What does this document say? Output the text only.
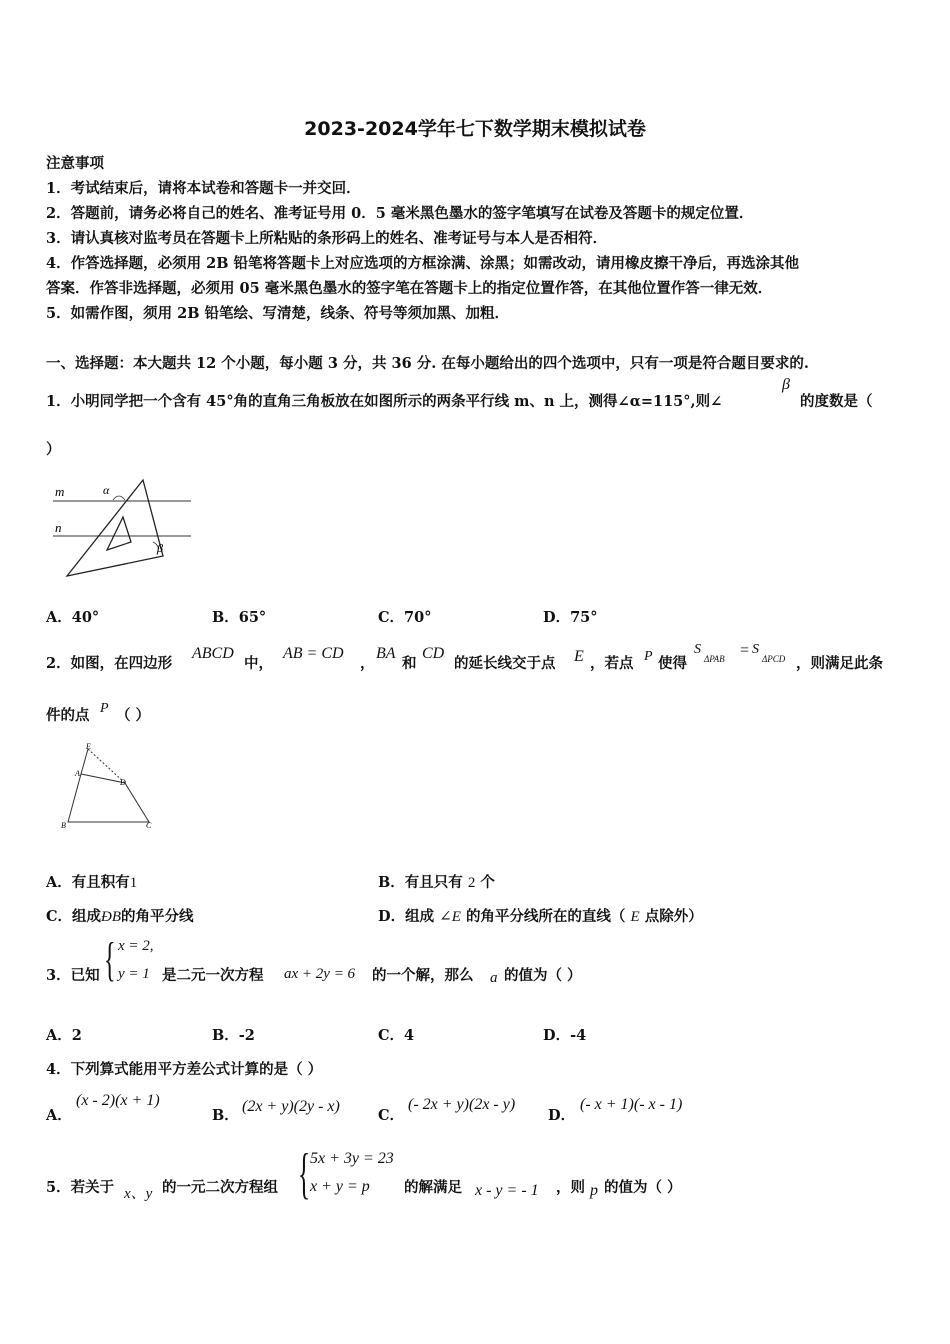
2023-2024学年七下数学期末模拟试卷
注意事项
1．考试结束后，请将本试卷和答题卡一并交回．
2．答题前，请务必将自己的姓名、准考证号用 0．5 毫米黑色墨水的签字笔填写在试卷及答题卡的规定位置．
3．请认真核对监考员在答题卡上所粘贴的条形码上的姓名、准考证号与本人是否相符．
4．作答选择题，必须用 2B 铅笔将答题卡上对应选项的方框涂满、涂黑；如需改动，请用橡皮擦干净后，再选涂其他
答案．作答非选择题，必须用 05 毫米黑色墨水的签字笔在答题卡上的指定位置作答，在其他位置作答一律无效．
5．如需作图，须用 2B 铅笔绘、写清楚，线条、符号等须加黑、加粗．
一、选择题：本大题共 12 个小题，每小题 3 分，共 36 分. 在每小题给出的四个选项中，只有一项是符合题目要求的.
1．小明同学把一个含有 45°角的直角三角板放在如图所示的两条平行线 m、n 上，测得∠α=115°,则∠
β
的度数是（
）
m
n
α
β
A．40°	B．65°	C．70°	D．75°
2．如图，在四边形
ABCD
中，
AB = CD
，
BA
和
CD
的延长线交于点 E ，若点 P 使得
S
ΔPAB = S
ΔPCD ，则满足此条
件的点 P （ ）
E
A
D
B	C
A．有且积有1	B．有且只有 2 个
C．组成ÐB的角平分线	D．组成 ∠E 的角平分线所在的直线（ E 点除外）
3．已知 { x = 2,
y = 1 是二元一次方程 ax + 2y = 6 的一个解，那么 a 的值为（ ）
A．2	B．-2	C．4	D．-4
4．下列算式能用平方差公式计算的是（ ）
A．
(x - 2)(x + 1)
B．
(2x + y)(2y - x)
C．
(- 2x + y)(2x - y)
D．
(- x + 1)(- x - 1)
5．若关于 x、y 的一元二次方程组 { 5x + 3y = 23
x + y = p 的解满足 x - y = - 1 ，则 p 的值为（ ）
